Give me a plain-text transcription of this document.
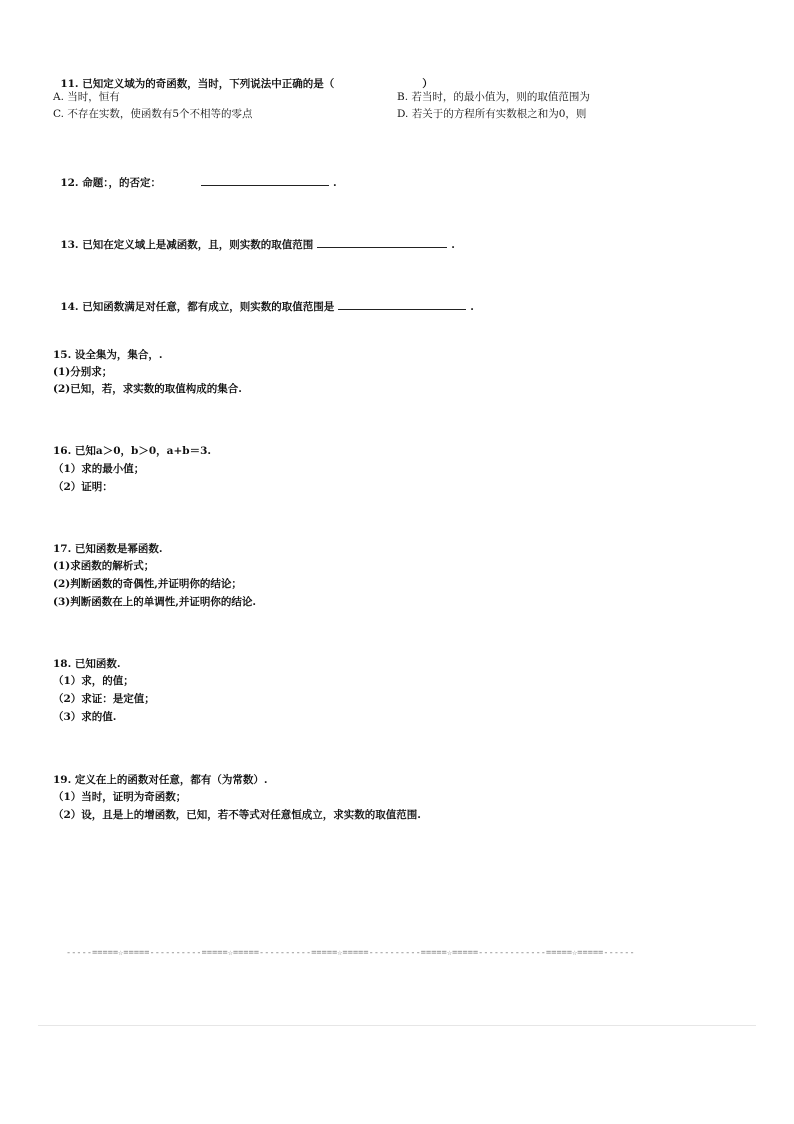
11. 已知定义域为的奇函数，当时，下列说法中正确的是（	）

A. 当时，恒有	B. 若当时，的最小值为，则的取值范围为
C. 不存在实数，使函数有5个不相等的零点	D. 若关于的方程所有实数根之和为0，则

12. 命题：，的否定：	.

13. 已知在定义域上是减函数，且，则实数的取值范围	.

14. 已知函数满足对任意，都有成立，则实数的取值范围是	.

15. 设全集为，集合，.
(1)分别求；
(2)已知，若，求实数的取值构成的集合.
16. 已知a＞0，b＞0，a+b＝3.
（1）求的最小值；
（2）证明：
17. 已知函数是幂函数.
(1)求函数的解析式；
(2)判断函数的奇偶性,并证明你的结论；
(3)判断函数在上的单调性,并证明你的结论.
18. 已知函数.
（1）求，的值；
（2）求证：是定值；
（3）求的值.
19. 定义在上的函数对任意，都有（为常数）.
（1）当时，证明为奇函数；
（2）设，且是上的增函数，已知，若不等式对任意恒成立，求实数的取值范围.
-----=====☆=====----------=====☆=====----------=====☆=====----------=====☆=====-------------=====☆=====------
